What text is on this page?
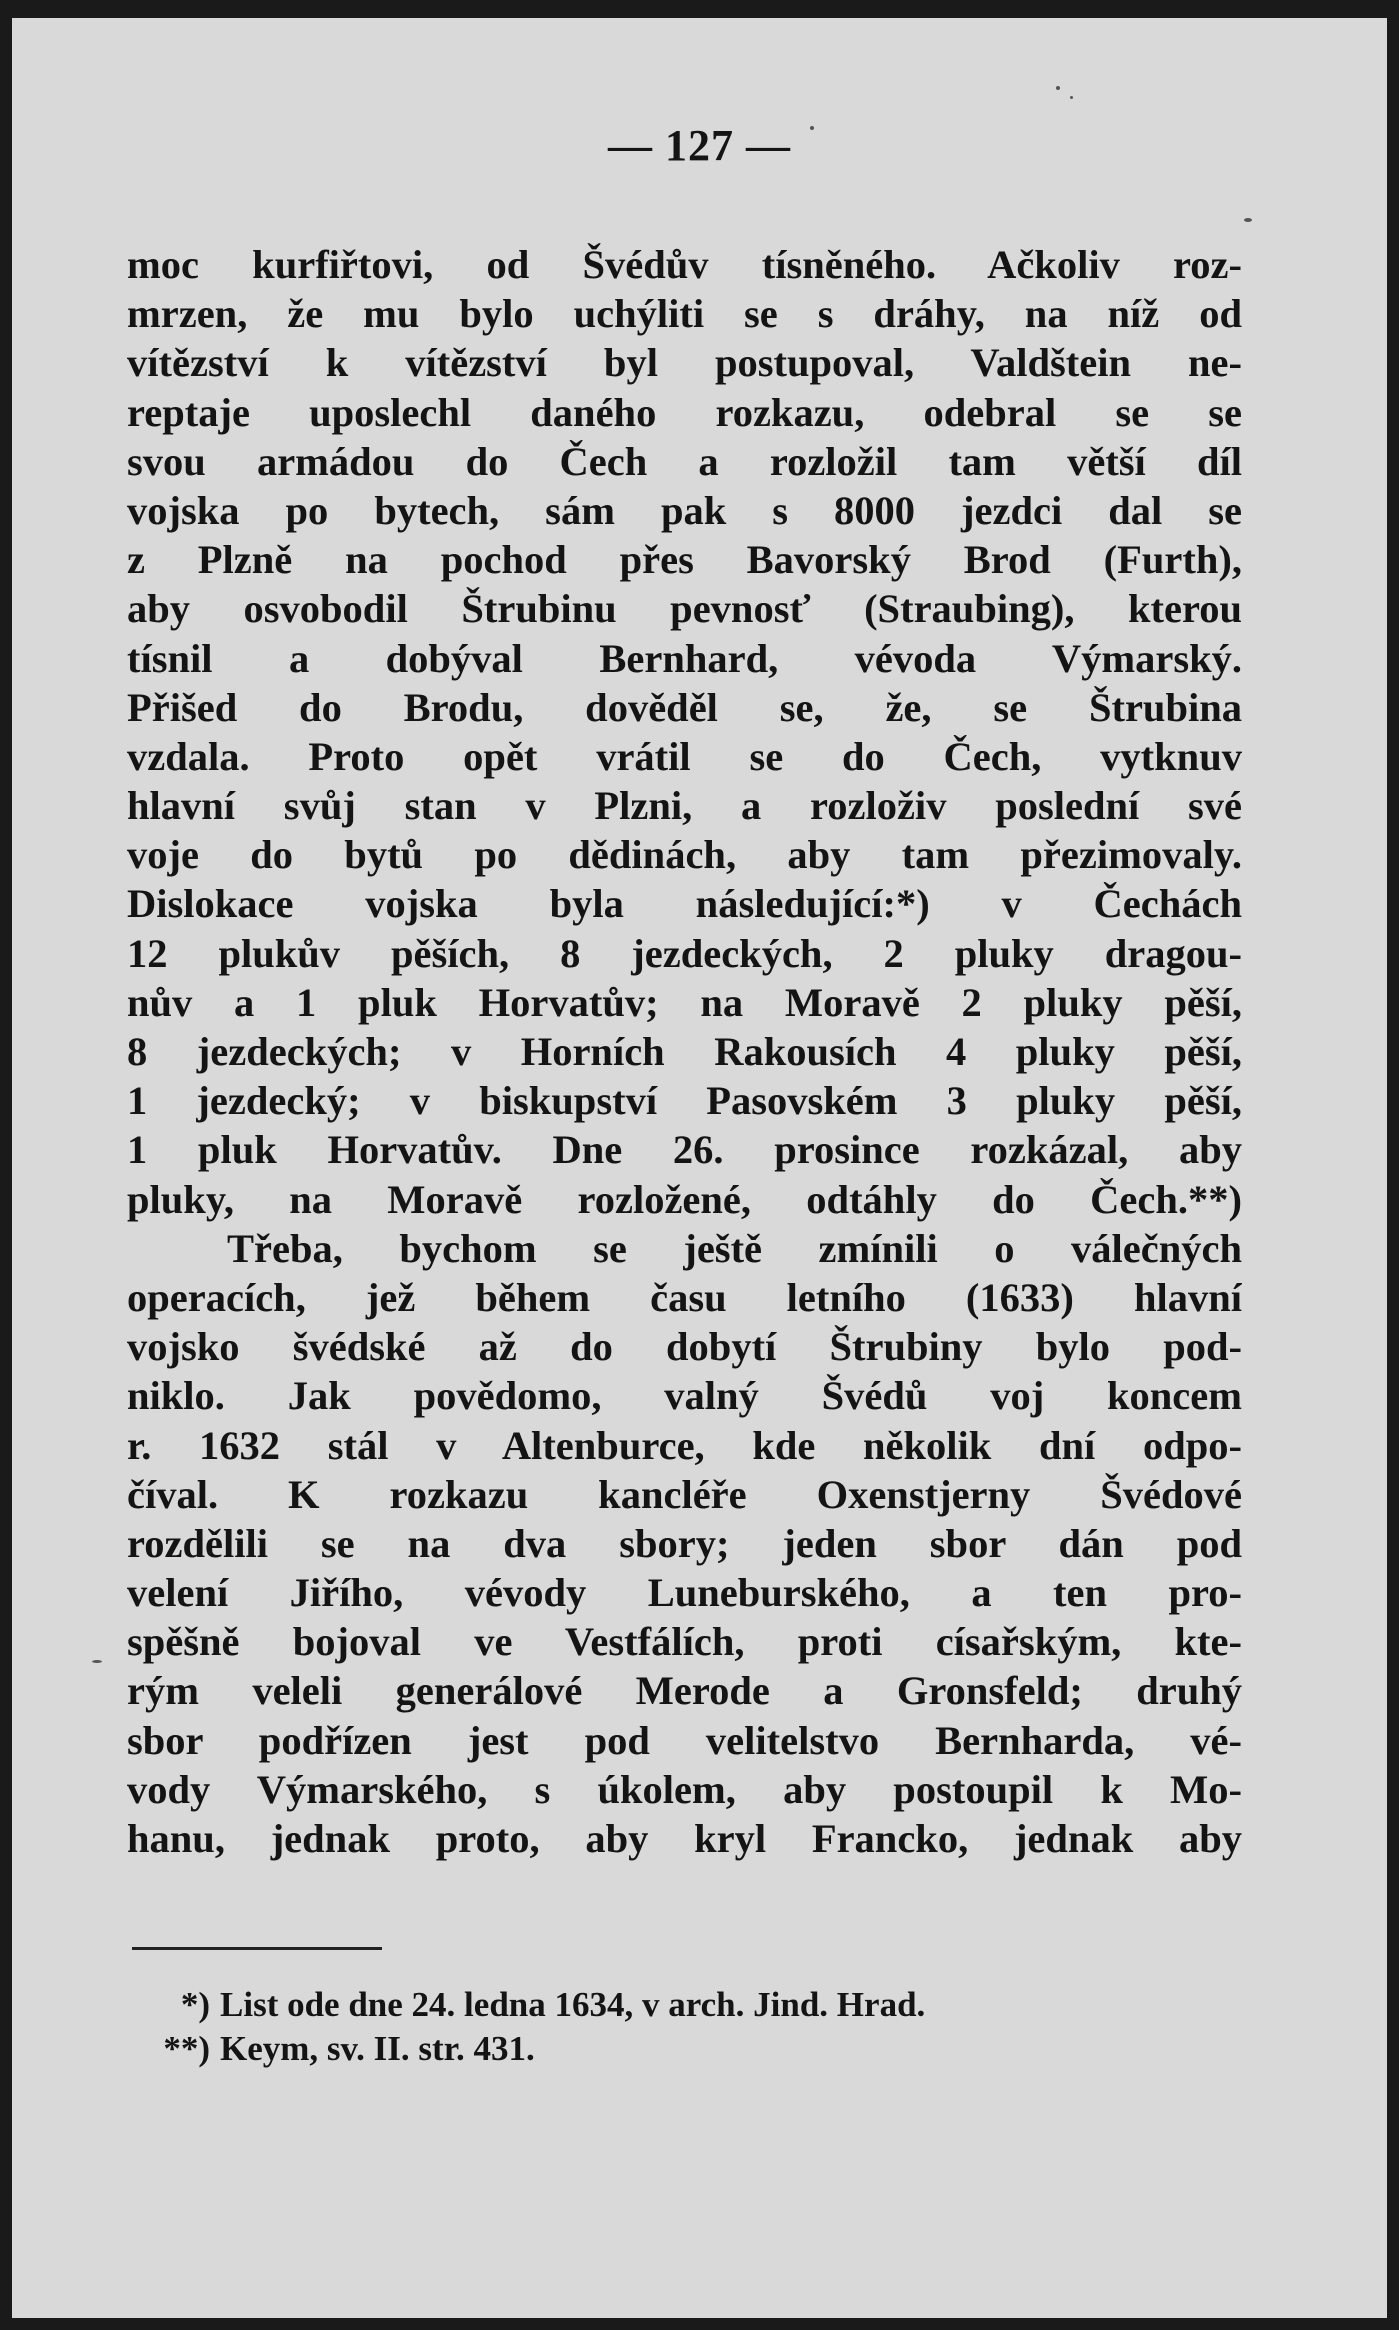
— 127 —
moc kurfiřtovi, od Švédův tísněného. Ačkoliv roz-
mrzen, že mu bylo uchýliti se s dráhy, na níž od
vítězství k vítězství byl postupoval, Valdštein ne-
reptaje uposlechl daného rozkazu, odebral se se
svou armádou do Čech a rozložil tam větší díl
vojska po bytech, sám pak s 8000 jezdci dal se
z Plzně na pochod přes Bavorský Brod (Furth),
aby osvobodil Štrubinu pevnosť (Straubing), kterou
tísnil a dobýval Bernhard, vévoda Výmarský.
Přišed do Brodu, dověděl se, že, se Štrubina
vzdala. Proto opět vrátil se do Čech, vytknuv
hlavní svůj stan v Plzni, a rozloživ poslední své
voje do bytů po dědinách, aby tam přezimovaly.
Dislokace vojska byla následující:*) v Čechách
12 plukův pěších, 8 jezdeckých, 2 pluky dragou-
nův a 1 pluk Horvatův; na Moravě 2 pluky pěší,
8 jezdeckých; v Horních Rakousích 4 pluky pěší,
1 jezdecký; v biskupství Pasovském 3 pluky pěší,
1 pluk Horvatův. Dne 26. prosince rozkázal, aby
pluky, na Moravě rozložené, odtáhly do Čech.**)
Třeba, bychom se ještě zmínili o válečných
operacích, jež během času letního (1633) hlavní
vojsko švédské až do dobytí Štrubiny bylo pod-
niklo. Jak povědomo, valný Švédů voj koncem
r. 1632 stál v Altenburce, kde několik dní odpo-
číval. K rozkazu kancléře Oxenstjerny Švédové
rozdělili se na dva sbory; jeden sbor dán pod
velení Jiřího, vévody Luneburského, a ten pro-
spěšně bojoval ve Vestfálích, proti císařským, kte-
rým veleli generálové Merode a Gronsfeld; druhý
sbor podřízen jest pod velitelstvo Bernharda, vé-
vody Výmarského, s úkolem, aby postoupil k Mo-
hanu, jednak proto, aby kryl Francko, jednak aby
*) List ode dne 24. ledna 1634, v arch. Jind. Hrad.
**) Keym, sv. II. str. 431.
